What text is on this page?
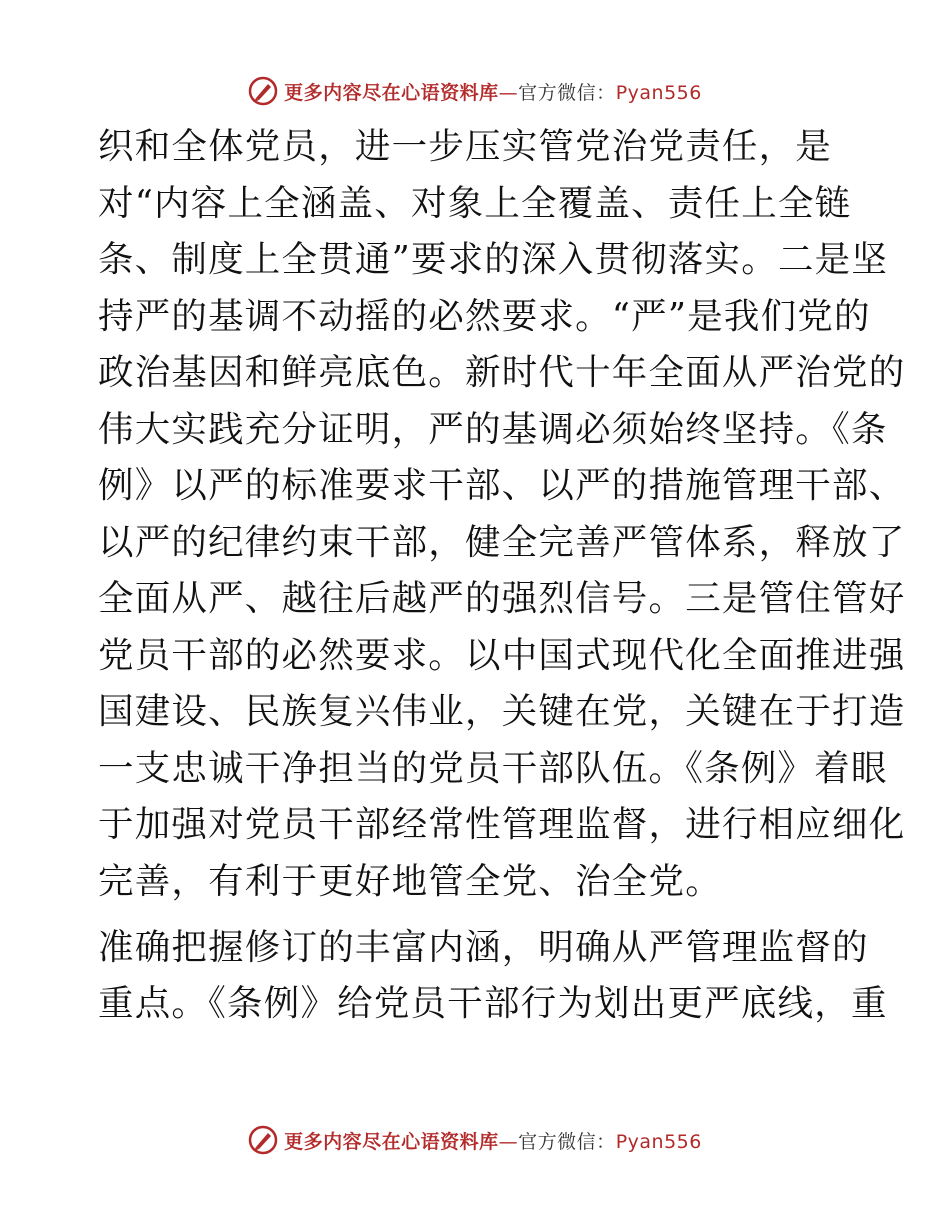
更多内容尽在心语资料库—官方微信：Pyan556
织和全体党员，进一步压实管党治党责任，是
对“内容上全涵盖、对象上全覆盖、责任上全链
条、制度上全贯通”要求的深入贯彻落实。二是坚
持严的基调不动摇的必然要求。“严”是我们党的
政治基因和鲜亮底色。新时代十年全面从严治党的
伟大实践充分证明，严的基调必须始终坚持。《条
例》以严的标准要求干部、以严的措施管理干部、
以严的纪律约束干部，健全完善严管体系，释放了
全面从严、越往后越严的强烈信号。三是管住管好
党员干部的必然要求。以中国式现代化全面推进强
国建设、民族复兴伟业，关键在党，关键在于打造
一支忠诚干净担当的党员干部队伍。《条例》着眼
于加强对党员干部经常性管理监督，进行相应细化
完善，有利于更好地管全党、治全党。
准确把握修订的丰富内涵，明确从严管理监督的
重点。《条例》给党员干部行为划出更严底线，重
更多内容尽在心语资料库—官方微信：Pyan556
